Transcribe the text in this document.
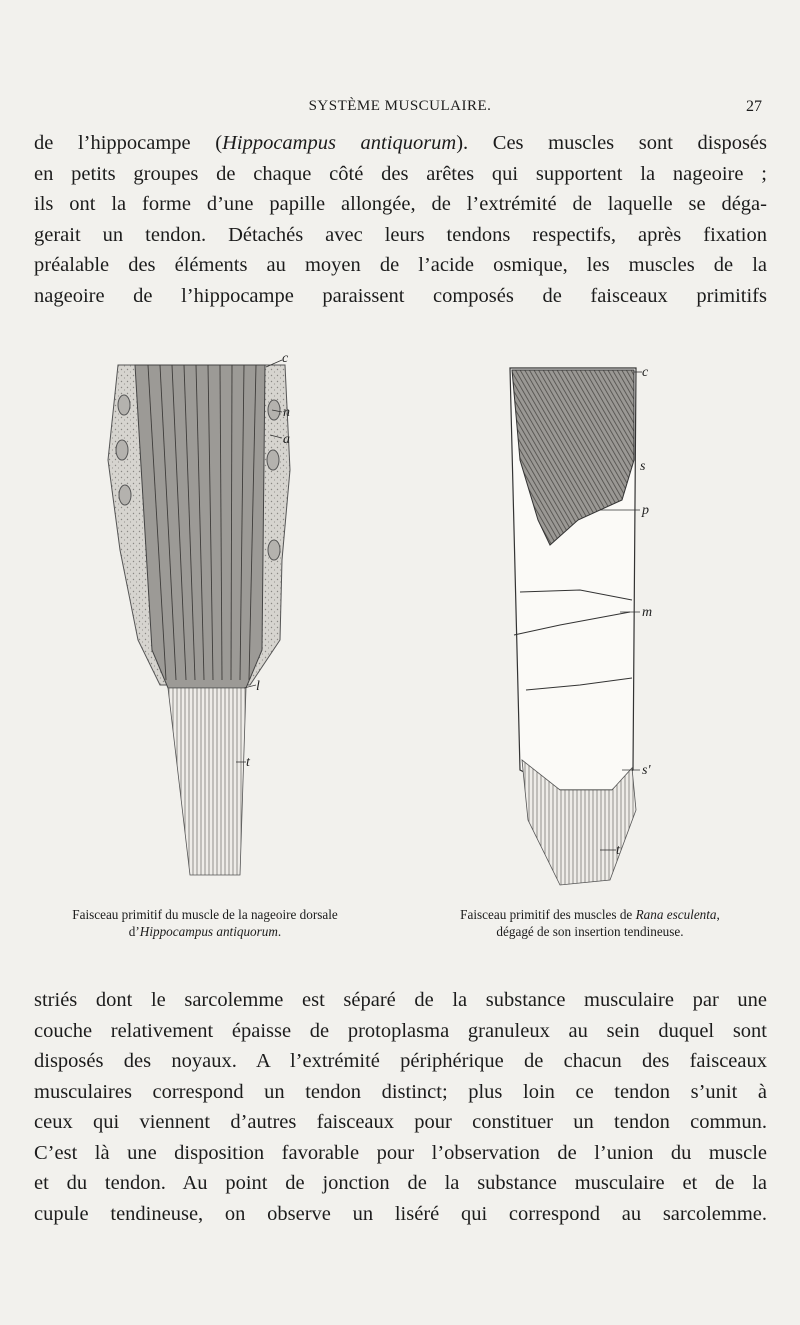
SYSTÈME MUSCULAIRE.	27
de l’hippocampe (Hippocampus antiquorum). Ces muscles sont disposés
en petits groupes de chaque côté des arêtes qui supportent la nageoire ;
ils ont la forme d’une papille allongée, de l’extrémité de laquelle se déga-
gerait un tendon. Détachés avec leurs tendons respectifs, après fixation
préalable des éléments au moyen de l’acide osmique, les muscles de la
nageoire de l’hippocampe paraissent composés de faisceaux primitifs
c
n
a
l
t
c
s
p
m
s'
t
Faisceau primitif du muscle de la nageoire dorsale
d’Hippocampus antiquorum.
Faisceau primitif des muscles de Rana esculenta,
dégagé de son insertion tendineuse.
striés dont le sarcolemme est séparé de la substance musculaire par une
couche relativement épaisse de protoplasma granuleux au sein duquel sont
disposés des noyaux. A l’extrémité périphérique de chacun des faisceaux
musculaires correspond un tendon distinct; plus loin ce tendon s’unit à
ceux qui viennent d’autres faisceaux pour constituer un tendon commun.
C’est là une disposition favorable pour l’observation de l’union du muscle
et du tendon. Au point de jonction de la substance musculaire et de la
cupule tendineuse, on observe un liséré qui correspond au sarcolemme.
